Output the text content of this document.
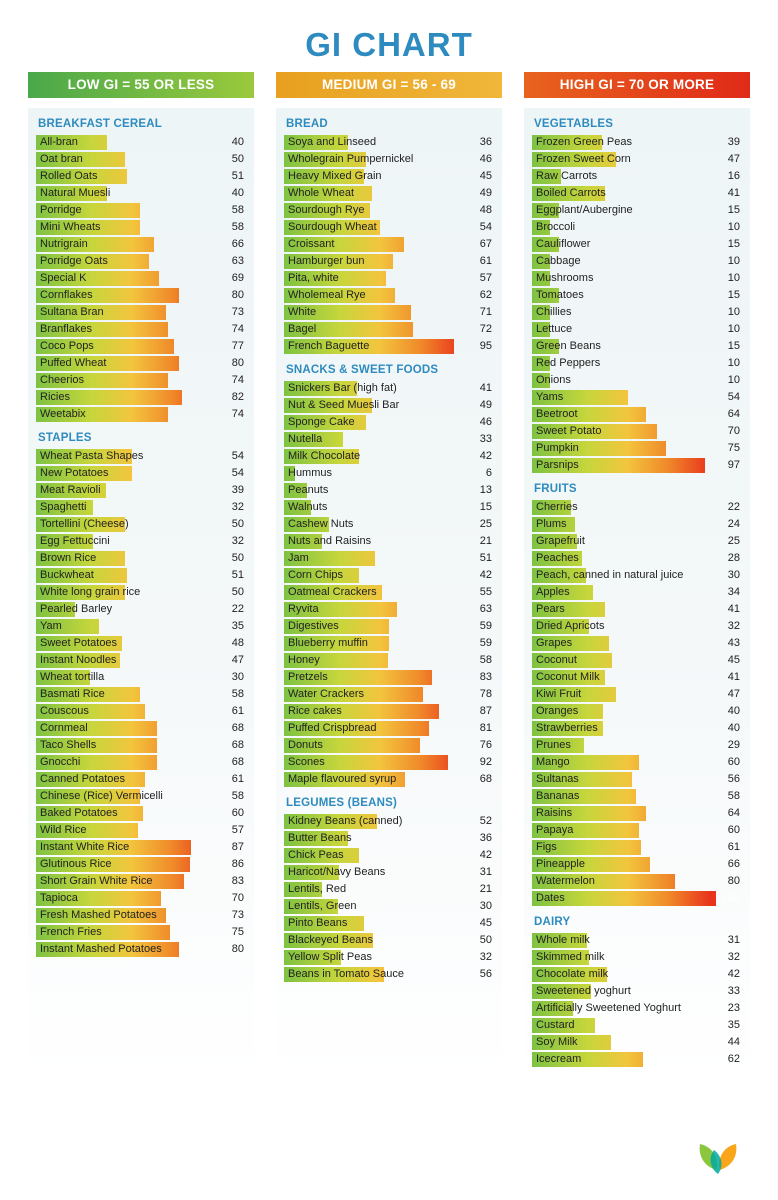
GI CHART
LOW GI = 55 OR LESS
BREAKFAST CEREAL
All-bran	40
Oat bran	50
Rolled Oats	51
Natural Muesli	40
Porridge	58
Mini Wheats	58
Nutrigrain	66
Porridge Oats	63
Special K	69
Cornflakes	80
Sultana Bran	73
Branflakes	74
Coco Pops	77
Puffed Wheat	80
Cheerios	74
Ricies	82
Weetabix	74
STAPLES
Wheat Pasta Shapes	54
New Potatoes	54
Meat Ravioli	39
Spaghetti	32
Tortellini (Cheese)	50
Egg Fettuccini	32
Brown Rice	50
Buckwheat	51
White long grain rice	50
Pearled Barley	22
Yam	35
Sweet Potatoes	48
Instant Noodles	47
Wheat tortilla	30
Basmati Rice	58
Couscous	61
Cornmeal	68
Taco Shells	68
Gnocchi	68
Canned Potatoes	61
Chinese (Rice) Vermicelli	58
Baked Potatoes	60
Wild Rice	57
Instant White Rice	87
Glutinous Rice	86
Short Grain White Rice	83
Tapioca	70
Fresh Mashed Potatoes	73
French Fries	75
Instant Mashed Potatoes	80
MEDIUM GI = 56 - 69
BREAD
Soya and Linseed	36
Wholegrain Pumpernickel	46
Heavy Mixed Grain	45
Whole Wheat	49
Sourdough Rye	48
Sourdough Wheat	54
Croissant	67
Hamburger bun	61
Pita, white	57
Wholemeal Rye	62
White	71
Bagel	72
French Baguette	95
SNACKS & SWEET FOODS
Snickers Bar (high fat)	41
Nut & Seed Muesli Bar	49
Sponge Cake	46
Nutella	33
Milk Chocolate	42
Hummus	6
Peanuts	13
Walnuts	15
Cashew Nuts	25
Nuts and Raisins	21
Jam	51
Corn Chips	42
Oatmeal Crackers	55
Ryvita	63
Digestives	59
Blueberry muffin	59
Honey	58
Pretzels	83
Water Crackers	78
Rice cakes	87
Puffed Crispbread	81
Donuts	76
Scones	92
Maple flavoured syrup	68
LEGUMES (BEANS)
Kidney Beans (canned)	52
Butter Beans	36
Chick Peas	42
Haricot/Navy Beans	31
Lentils, Red	21
Lentils, Green	30
Pinto Beans	45
Blackeyed Beans	50
Yellow Split Peas	32
Beans in Tomato Sauce	56
HIGH GI = 70 OR MORE
VEGETABLES
Frozen Green Peas	39
Frozen Sweet Corn	47
Raw Carrots	16
Boiled Carrots	41
Eggplant/Aubergine	15
Broccoli	10
Cauliflower	15
Cabbage	10
Mushrooms	10
Tomatoes	15
Chillies	10
Lettuce	10
Green Beans	15
Red Peppers	10
Onions	10
Yams	54
Beetroot	64
Sweet Potato	70
Pumpkin	75
Parsnips	97
FRUITS
Cherries	22
Plums	24
Grapefruit	25
Peaches	28
Peach, canned in natural juice	30
Apples	34
Pears	41
Dried Apricots	32
Grapes	43
Coconut	45
Coconut Milk	41
Kiwi Fruit	47
Oranges	40
Strawberries	40
Prunes	29
Mango	60
Sultanas	56
Bananas	58
Raisins	64
Papaya	60
Figs	61
Pineapple	66
Watermelon	80
Dates	103
DAIRY
Whole milk	31
Skimmed milk	32
Chocolate milk	42
Sweetened yoghurt	33
Artificially Sweetened Yoghurt	23
Custard	35
Soy Milk	44
Icecream	62
